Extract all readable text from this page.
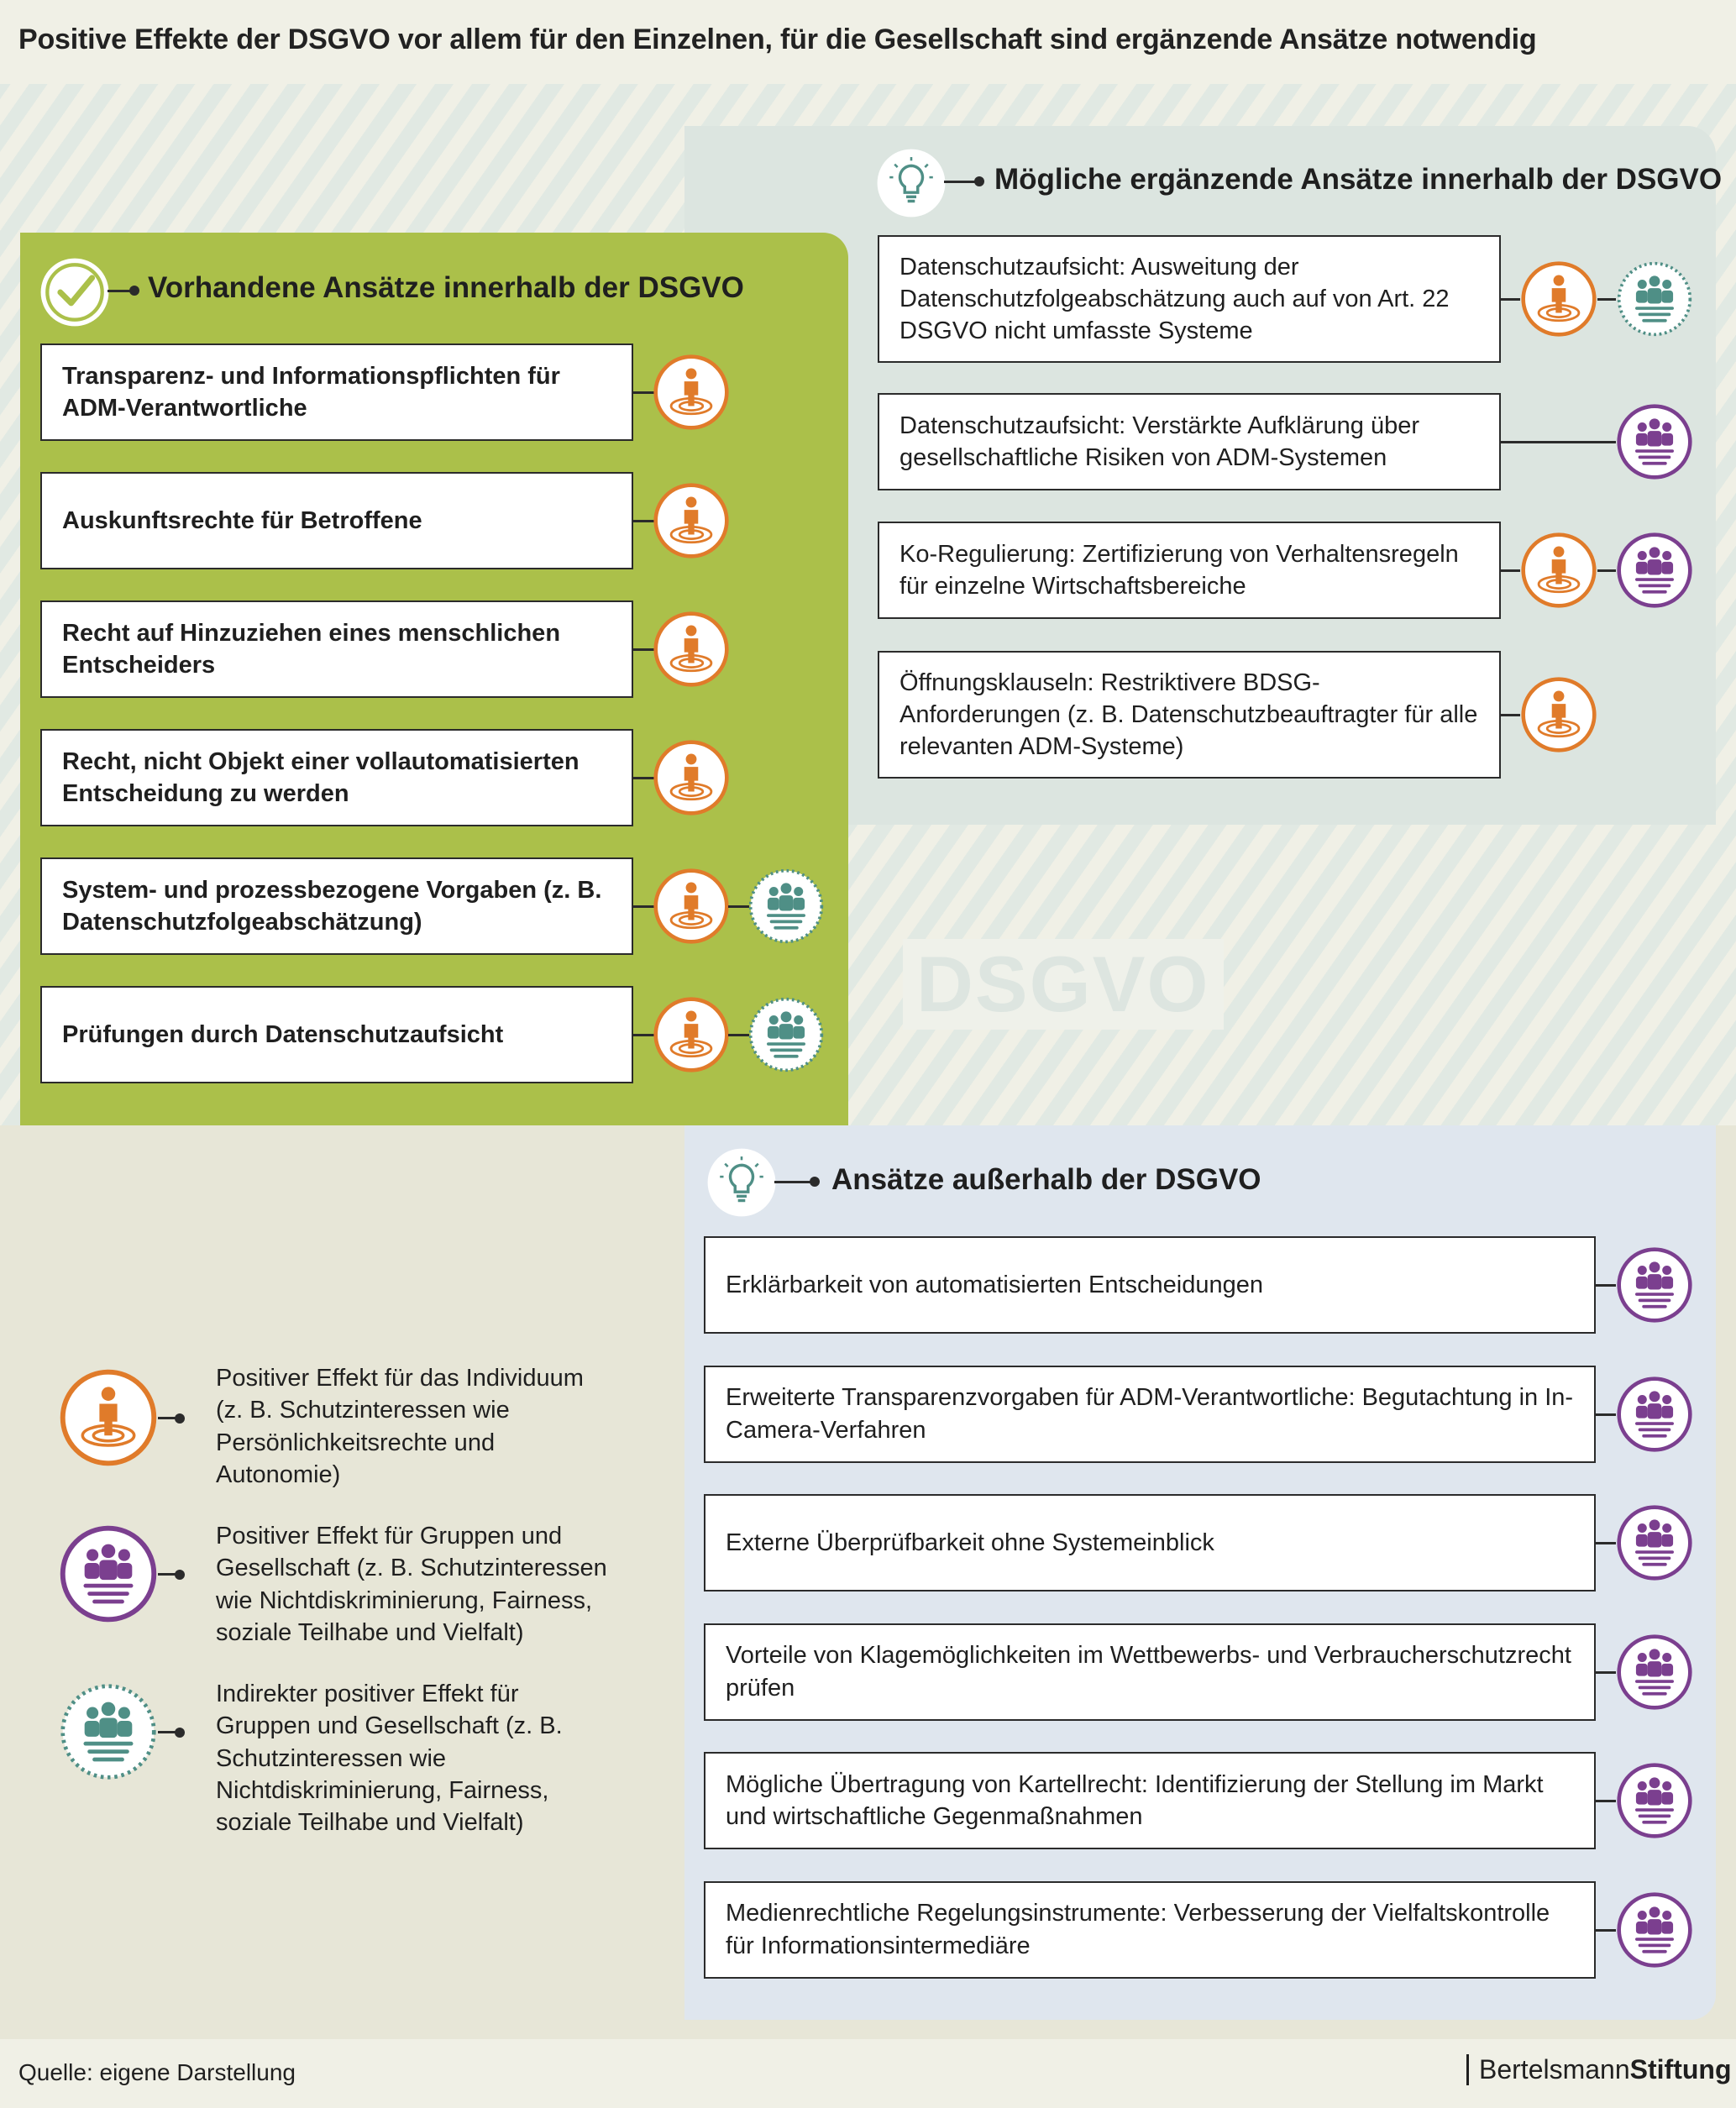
DSGVO
Positive Effekte der DSGVO vor allem für den Einzelnen, für die Gesellschaft sind ergänzende Ansätze notwendig
Vorhandene Ansätze innerhalb der DSGVO
Transparenz- und Informationspflichten für ADM-Verantwortliche
Auskunftsrechte für Betroffene
Recht auf Hinzuziehen eines menschlichen Entscheiders
Recht, nicht Objekt einer vollautomatisierten Entscheidung zu werden
System- und prozessbezogene Vorgaben (z. B. Datenschutzfolgeabschätzung)
Prüfungen durch Datenschutzaufsicht
Mögliche ergänzende Ansätze innerhalb der DSGVO
Datenschutzaufsicht: Ausweitung der Datenschutzfolgeabschätzung auch auf von Art. 22 DSGVO nicht umfasste Systeme
Datenschutzaufsicht: Verstärkte Aufklärung über gesellschaftliche Risiken von ADM-Systemen
Ko-Regulierung: Zertifizierung von Verhaltensregeln für einzelne Wirtschaftsbereiche
Öffnungsklauseln: Restriktivere BDSG-Anforderungen (z. B. Datenschutzbeauftragter für alle relevanten ADM-Systeme)
Ansätze außerhalb der DSGVO
Erklärbarkeit von automatisierten Entscheidungen
Erweiterte Transparenzvorgaben für ADM-Verantwortliche: Begutachtung in In-Camera-Verfahren
Externe Überprüfbarkeit ohne Systemeinblick
Vorteile von Klagemöglichkeiten im Wettbewerbs- und Verbraucherschutzrecht prüfen
Mögliche Übertragung von Kartellrecht: Identifizierung der Stellung im Markt und wirtschaftliche Gegenmaßnahmen
Medienrechtliche Regelungsinstrumente: Verbesserung der Vielfaltskontrolle für Informationsintermediäre
Positiver Effekt für das Individuum (z. B. Schutzinteressen wie Persönlichkeitsrechte und Autonomie)
Positiver Effekt für Gruppen und Gesellschaft (z. B. Schutzinteressen wie Nichtdiskriminierung, Fairness, soziale Teilhabe und Vielfalt)
Indirekter positiver Effekt für Gruppen und Gesellschaft (z. B. Schutzinteressen wie Nichtdiskriminierung, Fairness, soziale Teilhabe und Vielfalt)
Quelle: eigene Darstellung	BertelsmannStiftung
